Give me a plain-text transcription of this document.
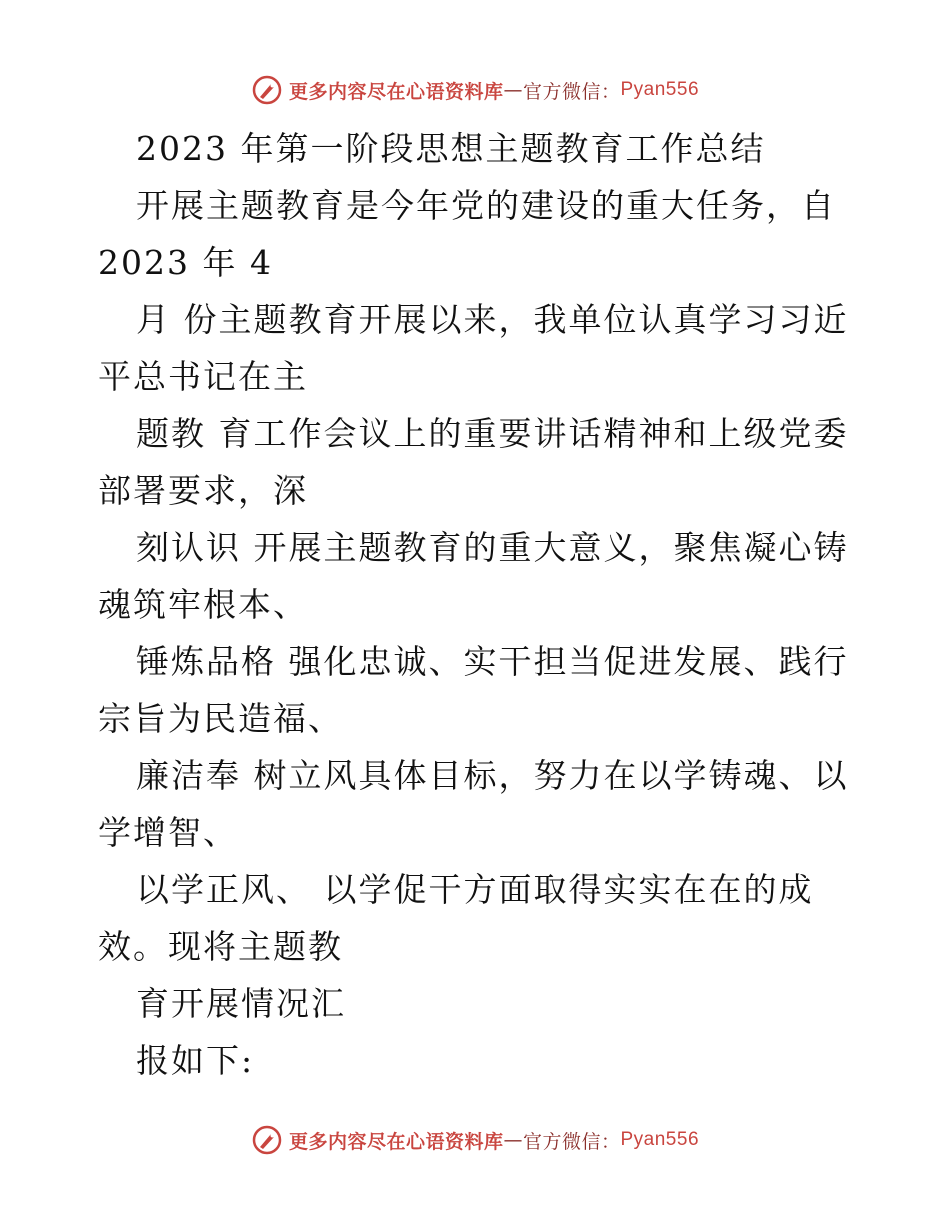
更多内容尽在心语资料库 — 官方微信： Pyan556
2023 年第一阶段思想主题教育工作总结
开展主题教育是今年党的建设的重大任务，自
2023 年 4
月 份主题教育开展以来，我单位认真学习习近
平总书记在主
题教 育工作会议上的重要讲话精神和上级党委
部署要求，深
刻认识 开展主题教育的重大意义，聚焦凝心铸
魂筑牢根本、
锤炼品格 强化忠诚、实干担当促进发展、践行
宗旨为民造福、
廉洁奉 树立风具体目标，努力在以学铸魂、以
学增智、
以学正风、 以学促干方面取得实实在在的成
效。现将主题教
育开展情况汇
报如下:
更多内容尽在心语资料库 — 官方微信： Pyan556
